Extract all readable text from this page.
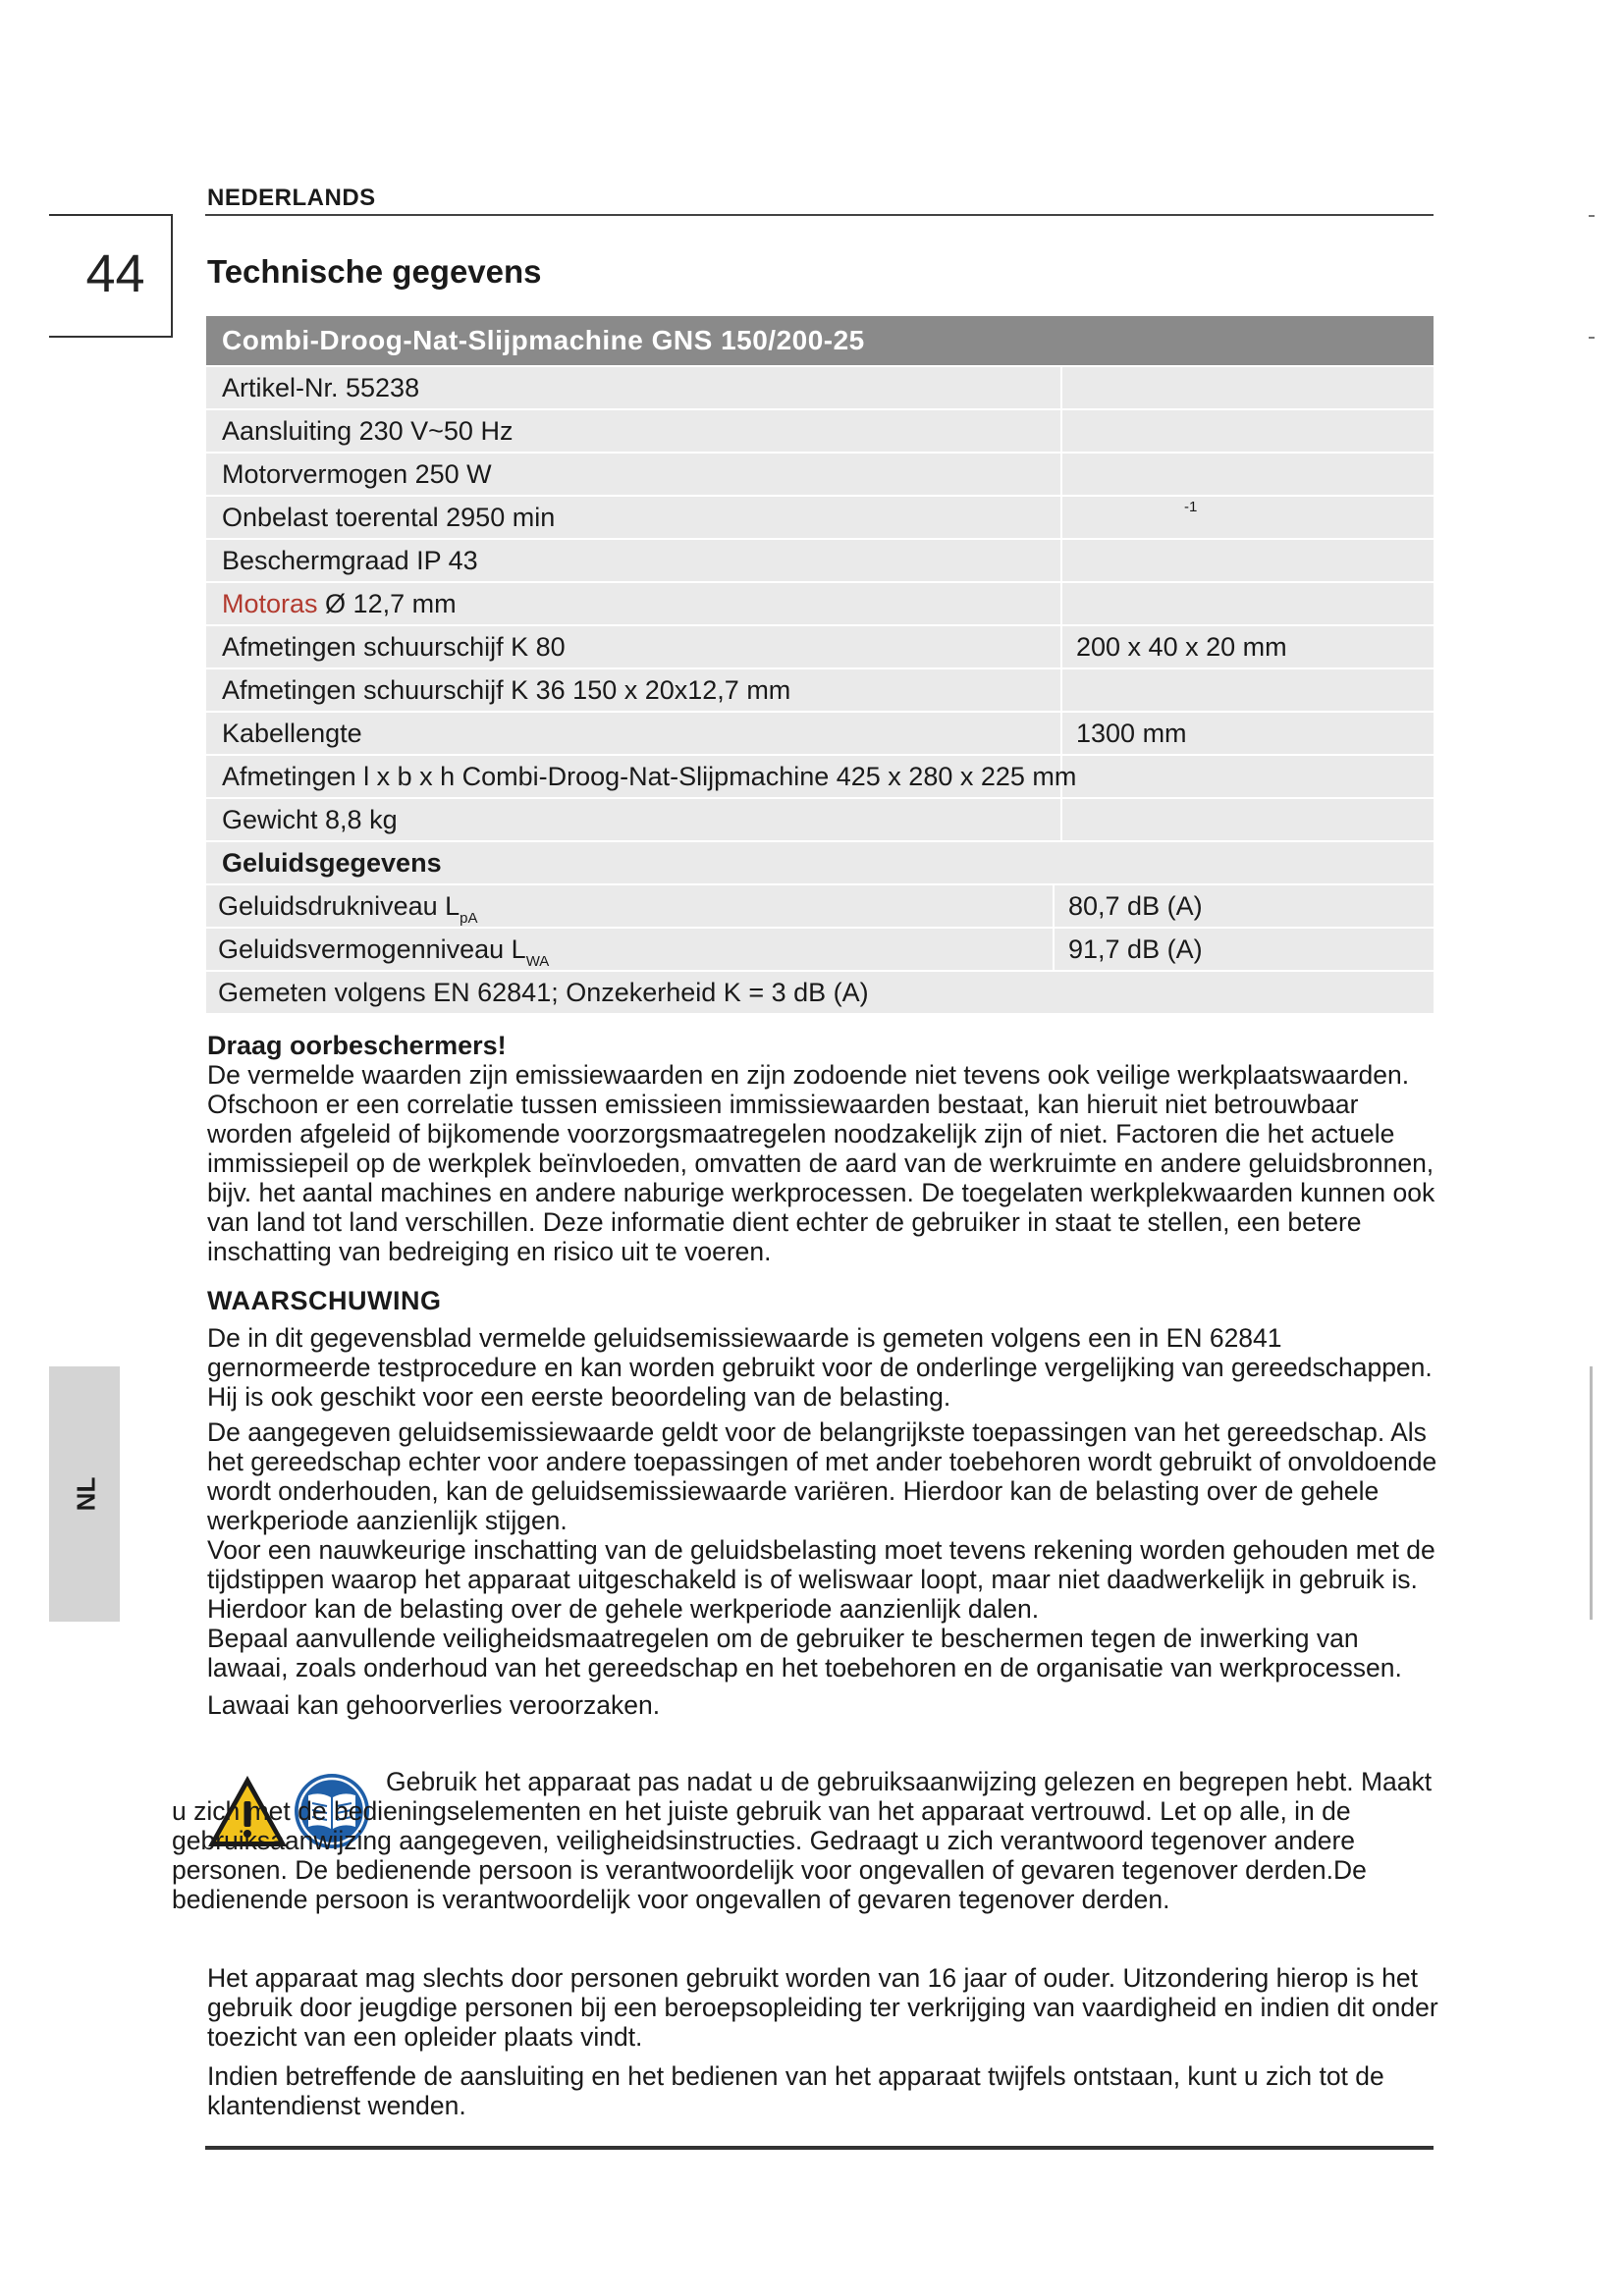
NEDERLANDS
44	Technische gegevens
Combi-Droog-Nat-Slijpmachine GNS 150/200-25
Artikel-Nr. 55238
Aansluiting 230 V~50 Hz
Motorvermogen 250 W
Onbelast toerental 2950 min	-1
Beschermgraad IP 43
Motoras Ø 12,7 mm
Afmetingen schuurschijf K 80	200 x 40 x 20 mm
Afmetingen schuurschijf K 36 150 x 20x12,7 mm
Kabellengte	1300 mm
Afmetingen l x b x h Combi-Droog-Nat-Slijpmachine 425 x 280 x 225 mm
Gewicht 8,8 kg
Geluidsgegevens
Geluidsdrukniveau $L_{pA}$	80,7 dB (A)
Geluidsvermogenniveau $L_{WA}$	91,7 dB (A)
Gemeten volgens EN 62841; Onzekerheid K = 3 dB (A)

Draag oorbeschermers!

De vermelde waarden zijn emissiewaarden en zijn zodoende niet tevens ook veilige werkplaatswaarden. Ofschoon er een correlatie tussen emissieen immissiewaarden bestaat, kan hieruit niet betrouwbaar worden afgeleid of bijkomende voorzorgsmaatregelen noodzakelijk zijn of niet. Factoren die het actuele immissiepeil op de werkplek beïnvloeden, omvatten de aard van de werkruimte en andere geluidsbronnen, bijv. het aantal machines en andere naburige werkprocessen. De toegelaten werkplekwaarden kunnen ook van land tot land verschillen. Deze informatie dient echter de gebruiker in staat te stellen, een betere inschatting van bedreiging en risico uit te voeren.

WAARSCHUWING

De in dit gegevensblad vermelde geluidsemissiewaarde is gemeten volgens een in EN 62841 gernormeerde testprocedure en kan worden gebruikt voor de onderlinge vergelijking van gereedschappen. Hij is ook geschikt voor een eerste beoordeling van de belasting.

De aangegeven geluidsemissiewaarde geldt voor de belangrijkste toepassingen van het gereedschap. Als het gereedschap echter voor andere toepassingen of met ander toebehoren wordt gebruikt of onvoldoende wordt onderhouden, kan de geluidsemissiewaarde variëren. Hierdoor kan de belasting over de gehele werkperiode aanzienlijk stijgen.

Voor een nauwkeurige inschatting van de geluidsbelasting moet tevens rekening worden gehouden met de tijdstippen waarop het apparaat uitgeschakeld is of weliswaar loopt, maar niet daadwerkelijk in gebruik is. Hierdoor kan de belasting over de gehele werkperiode aanzienlijk dalen.

Bepaal aanvullende veiligheidsmaatregelen om de gebruiker te beschermen tegen de inwerking van lawaai, zoals onderhoud van het gereedschap en het toebehoren en de organisatie van werkprocessen.

Lawaai kan gehoorverlies veroorzaken.

Gebruik het apparaat pas nadat u de gebruiksaanwijzing gelezen en begrepen hebt. Maakt u zich met de bedieningselementen en het juiste gebruik van het apparaat vertrouwd. Let op alle, in de gebruiksaanwijzing aangegeven, veiligheidsinstructies. Gedraagt u zich verantwoord tegenover andere personen. De bedienende persoon is verantwoordelijk voor ongevallen of gevaren tegenover derden.De bedienende persoon is verantwoordelijk voor ongevallen of gevaren tegenover derden.

Het apparaat mag slechts door personen gebruikt worden van 16 jaar of ouder. Uitzondering hierop is het gebruik door jeugdige personen bij een beroepsopleiding ter verkrijging van vaardigheid en indien dit onder toezicht van een opleider plaats vindt.

Indien betreffende de aansluiting en het bedienen van het apparaat twijfels ontstaan, kunt u zich tot de klantendienst wenden.

NL
